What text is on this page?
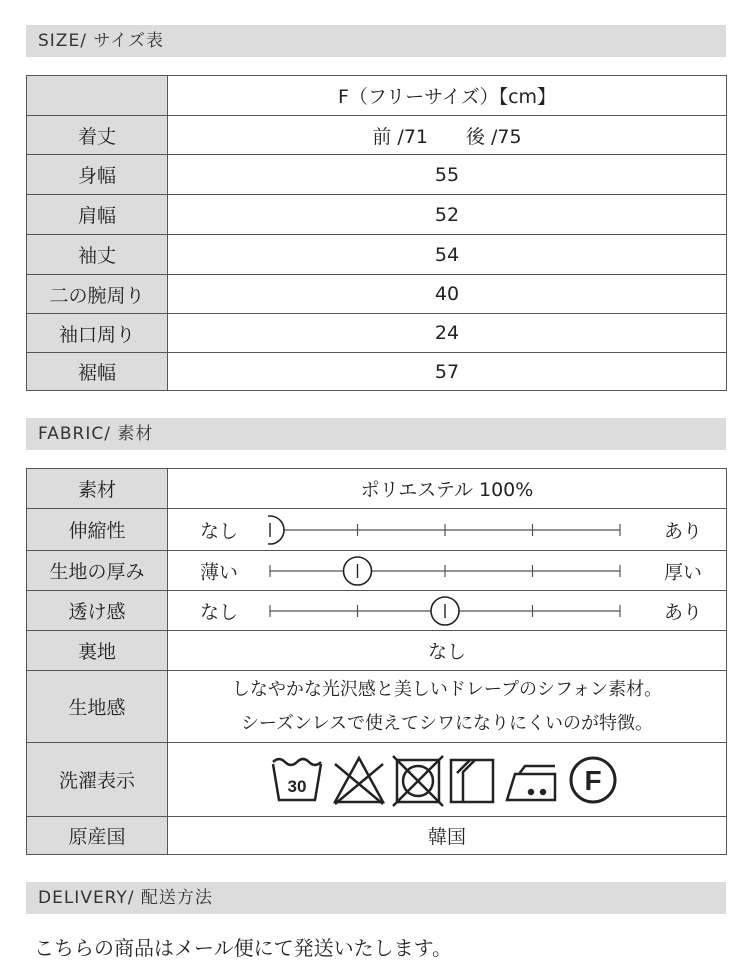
SIZE/ サイズ表
	F（フリーサイズ）【cm】
着丈	前 /71　　後 /75
身幅	55
肩幅	52
袖丈	54
二の腕周り	40
袖口周り	24
裾幅	57
FABRIC/ 素材
素材	ポリエステル 100%
伸縮性	なし あり

生地の厚み	薄い 厚い

透け感	なし あり

裏地	なし
生地感	しなやかな光沢感と美しいドレープのシフォン素材。
シーズンレスで使えてシワになりにくいのが特徴。

洗濯表示	30 F

原産国	韓国
DELIVERY/ 配送方法
こちらの商品はメール便にて発送いたします。
